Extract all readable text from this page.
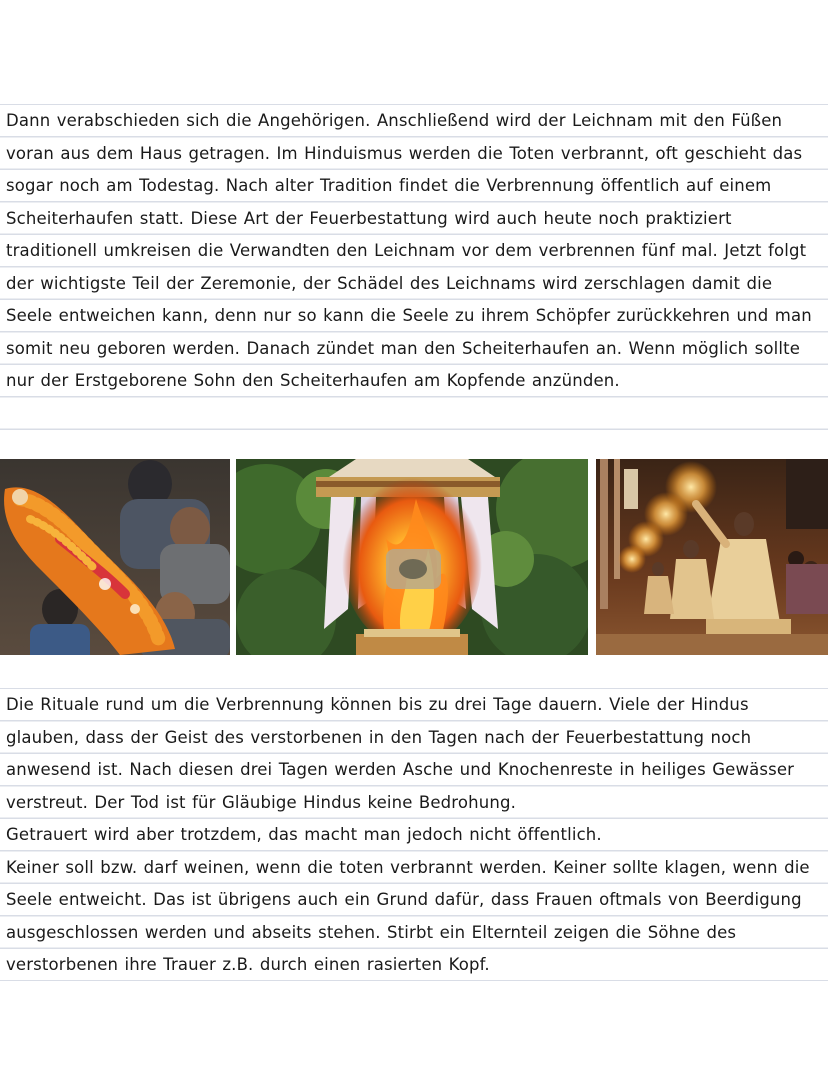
Dann verabschieden sich die Angehörigen. Anschließend wird der Leichnam mit den Füßen voran aus dem Haus getragen. Im Hinduismus werden die Toten verbrannt, oft geschieht das sogar noch am Todestag. Nach alter Tradition findet die Verbrennung öffentlich auf einem Scheiterhaufen statt. Diese Art der Feuerbestattung wird auch heute noch praktiziert traditionell umkreisen die Verwandten den Leichnam vor dem verbrennen fünf mal. Jetzt folgt der wichtigste Teil der Zeremonie, der Schädel des Leichnams wird zerschlagen damit die Seele entweichen kann, denn nur so kann die Seele zu ihrem Schöpfer zurückkehren und man somit neu geboren werden. Danach zündet man den Scheiterhaufen an. Wenn möglich sollte nur der Erstgeborene Sohn den Scheiterhaufen am Kopfende anzünden.

Die Rituale rund um die Verbrennung können bis zu drei Tage dauern. Viele der Hindus glauben, dass der Geist des verstorbenen in den Tagen nach der Feuerbestattung noch anwesend ist. Nach diesen drei Tagen werden Asche und Knochenreste in heiliges Gewässer verstreut. Der Tod ist für Gläubige Hindus keine Bedrohung.

Getrauert wird aber trotzdem, das macht man jedoch nicht öffentlich.

Keiner soll bzw. darf weinen, wenn die toten verbrannt werden. Keiner sollte klagen, wenn die Seele entweicht. Das ist übrigens auch ein Grund dafür, dass Frauen oftmals von Beerdigung ausgeschlossen werden und abseits stehen. Stirbt ein Elternteil zeigen die Söhne des verstorbenen ihre Trauer z.B. durch einen rasierten Kopf.
